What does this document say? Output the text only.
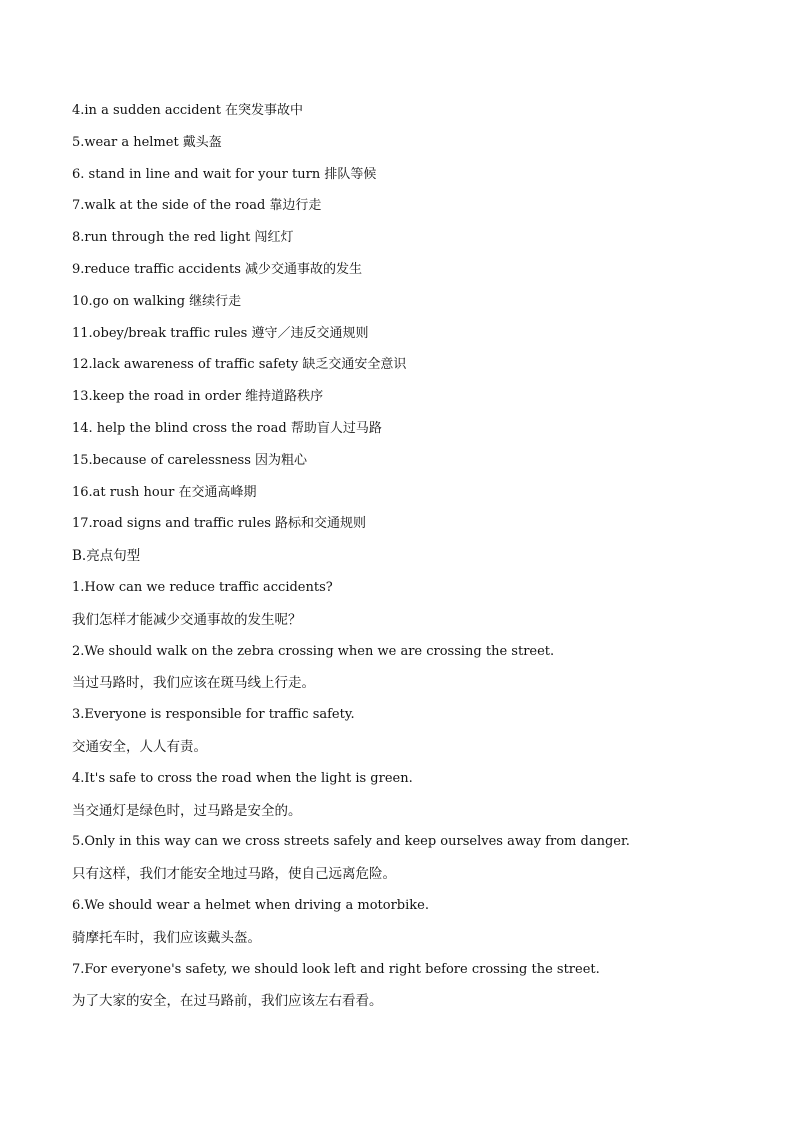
4.in a sudden accident 在突发事故中
5.wear a helmet 戴头盔
6. stand in line and wait for your turn 排队等候
7.walk at the side of the road 靠边行走
8.run through the red light 闯红灯
9.reduce traffic accidents 减少交通事故的发生
10.go on walking 继续行走
11.obey/break traffic rules 遵守／违反交通规则
12.lack awareness of traffic safety 缺乏交通安全意识
13.keep the road in order 维持道路秩序
14. help the blind cross the road 帮助盲人过马路
15.because of carelessness 因为粗心
16.at rush hour 在交通高峰期
17.road signs and traffic rules 路标和交通规则
B.亮点句型
1.How can we reduce traffic accidents?
我们怎样才能减少交通事故的发生呢？
2.We should walk on the zebra crossing when we are crossing the street.
当过马路时，我们应该在斑马线上行走。
3.Everyone is responsible for traffic safety.
交通安全，人人有责。
4.It's safe to cross the road when the light is green.
当交通灯是绿色时，过马路是安全的。
5.Only in this way can we cross streets safely and keep ourselves away from danger.
只有这样，我们才能安全地过马路，使自己远离危险。
6.We should wear a helmet when driving a motorbike.
骑摩托车时，我们应该戴头盔。
7.For everyone's safety, we should look left and right before crossing the street.
为了大家的安全，在过马路前，我们应该左右看看。
